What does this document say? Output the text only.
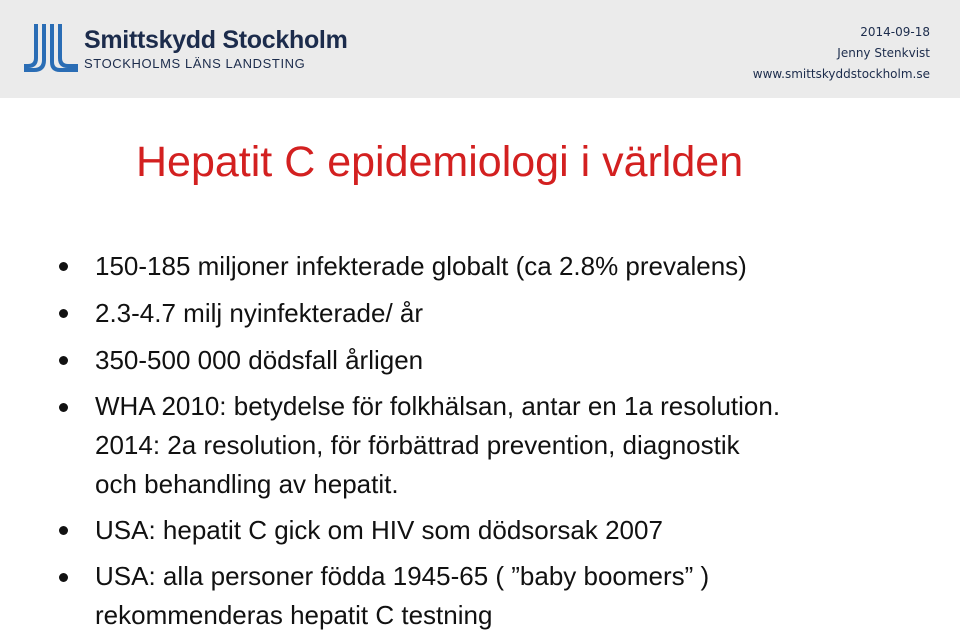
Smittskydd Stockholm
STOCKHOLMS LÄNS LANDSTING
2014-09-18
Jenny Stenkvist
www.smittskyddstockholm.se
Hepatit C epidemiologi i världen
150-185 miljoner infekterade globalt (ca 2.8% prevalens)
2.3-4.7 milj nyinfekterade/ år
350-500 000 dödsfall årligen
WHA 2010: betydelse för folkhälsan, antar en 1a resolution.
2014: 2a resolution, för förbättrad prevention, diagnostik
och behandling av hepatit.
USA: hepatit C gick om HIV som dödsorsak 2007
USA: alla personer födda 1945-65 ( ”baby boomers” )
rekommenderas hepatit C testning
